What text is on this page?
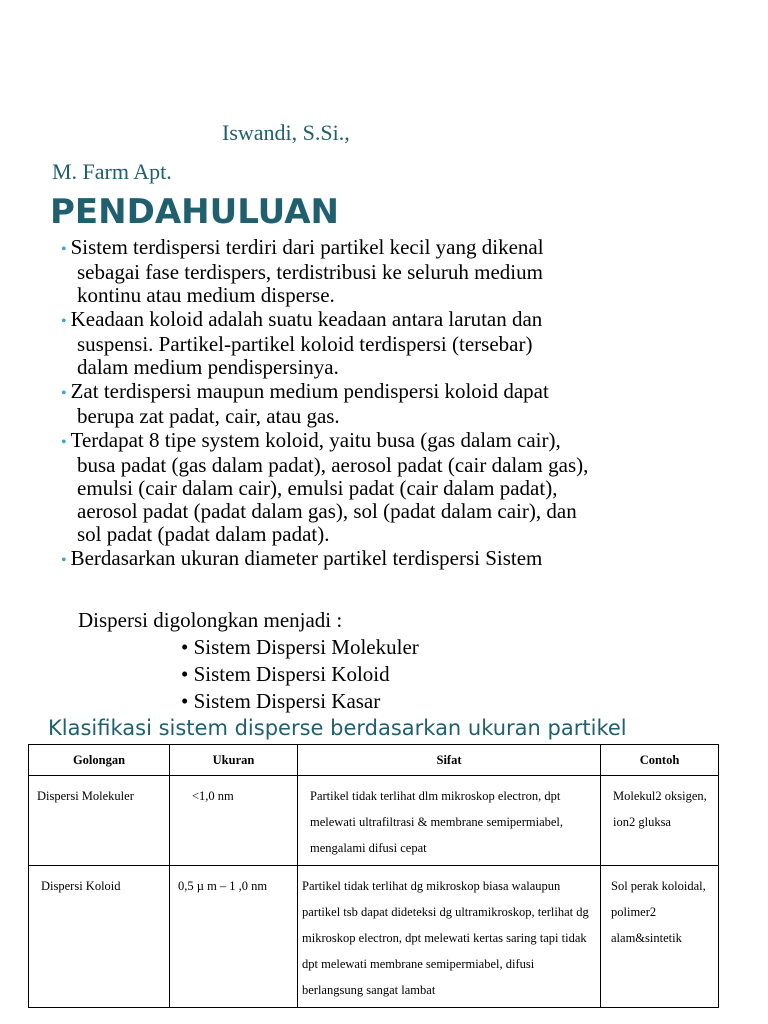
Iswandi, S.Si.,
M. Farm Apt.
PENDAHULUAN
• Sistem terdispersi terdiri dari partikel kecil yang dikenal
sebagai fase terdispers, terdistribusi ke seluruh medium
kontinu atau medium disperse.
• Keadaan koloid adalah suatu keadaan antara larutan dan
suspensi. Partikel-partikel koloid terdispersi (tersebar)
dalam medium pendispersinya.
• Zat terdispersi maupun medium pendispersi koloid dapat
berupa zat padat, cair, atau gas.
• Terdapat 8 tipe system koloid, yaitu busa (gas dalam cair),
busa padat (gas dalam padat), aerosol padat (cair dalam gas),
emulsi (cair dalam cair), emulsi padat (cair dalam padat),
aerosol padat (padat dalam gas), sol (padat dalam cair), dan
sol padat (padat dalam padat).
• Berdasarkan ukuran diameter partikel terdispersi Sistem
Dispersi digolongkan menjadi :
• Sistem Dispersi Molekuler
• Sistem Dispersi Koloid
• Sistem Dispersi Kasar
Klasifikasi sistem disperse berdasarkan ukuran partikel
Golongan	Ukuran	Sifat	Contoh
Dispersi Molekuler	<1,0 nm	Partikel tidak terlihat dlm mikroskop electron, dpt melewati ultrafiltrasi & membrane semipermiabel, mengalami difusi cepat	Molekul2 oksigen, ion2 gluksa
Dispersi Koloid	0,5 µ m – 1 ,0 nm	Partikel tidak terlihat dg mikroskop biasa walaupun partikel tsb dapat dideteksi dg ultramikroskop, terlihat dg mikroskop electron, dpt melewati kertas saring tapi tidak dpt melewati membrane semipermiabel, difusi berlangsung sangat lambat	Sol perak koloidal, polimer2 alam&sintetik
